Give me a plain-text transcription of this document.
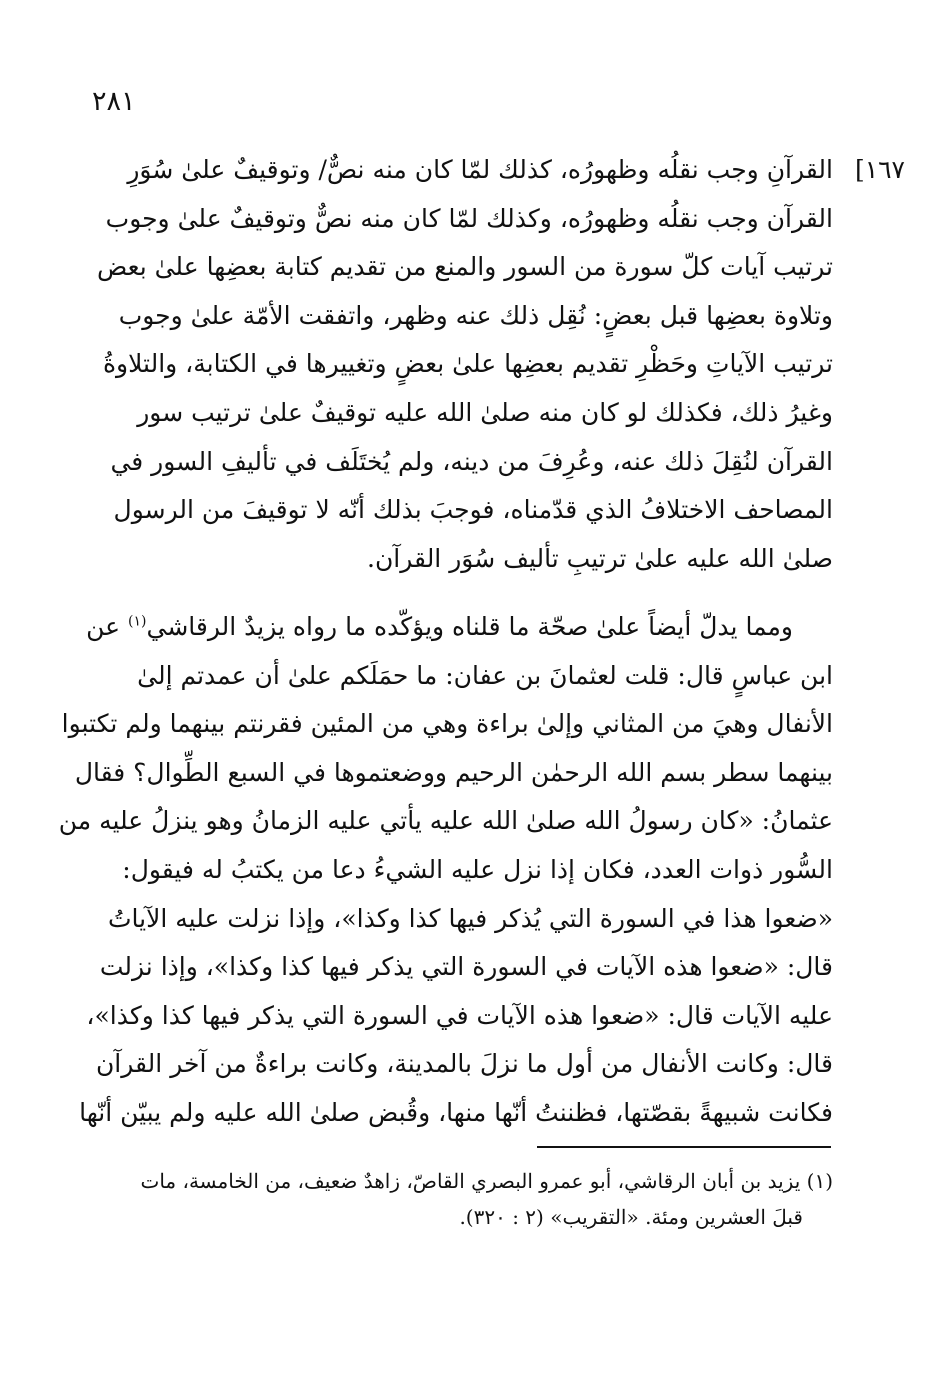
٢٨١
١٦٧]
القرآنِ وجب نقلُه وظهورُه، كذلك لمّا كان منه نصٌّ/ وتوقيفٌ علىٰ سُوَرِ
القرآن وجب نقلُه وظهورُه، وكذلك لمّا كان منه نصٌّ وتوقيفٌ علىٰ وجوب
ترتيب آيات كلّ سورة من السور والمنع من تقديم كتابة بعضِها علىٰ بعض
وتلاوة بعضِها قبل بعضٍ: نُقِل ذلك عنه وظهر، واتفقت الأمّة علىٰ وجوب
ترتيب الآياتِ وحَظْرِ تقديم بعضِها علىٰ بعضٍ وتغييرها في الكتابة، والتلاوةُ
وغيرُ ذلك، فكذلك لو كان منه صلىٰ الله عليه توقيفٌ علىٰ ترتيب سور
القرآن لنُقِلَ ذلك عنه، وعُرِفَ من دينه، ولم يُختَلَف في تأليفِ السور في
المصاحف الاختلافُ الذي قدّمناه، فوجبَ بذلك أنّه لا توقيفَ من الرسول
صلىٰ الله عليه علىٰ ترتيبِ تأليف سُوَر القرآن.
ومما يدلّ أيضاً علىٰ صحّة ما قلناه ويؤكّده ما رواه يزيدٌ الرقاشي$^{(١)}$ عن
ابن عباسٍ قال: قلت لعثمانَ بن عفان: ما حمَلَكم علىٰ أن عمدتم إلىٰ
الأنفال وهيَ من المثاني وإلىٰ براءة وهي من المئين فقرنتم بينهما ولم تكتبوا
بينهما سطر بسم الله الرحمٰن الرحيم ووضعتموها في السبع الطِّوال؟ فقال
عثمانُ: «كان رسولُ الله صلىٰ الله عليه يأتي عليه الزمانُ وهو ينزلُ عليه من
السُّور ذوات العدد، فكان إذا نزل عليه الشيءُ دعا من يكتبُ له فيقول:
«ضعوا هذا في السورة التي يُذكر فيها كذا وكذا»، وإذا نزلت عليه الآياتُ
قال: «ضعوا هذه الآيات في السورة التي يذكر فيها كذا وكذا»، وإذا نزلت
عليه الآيات قال: «ضعوا هذه الآيات في السورة التي يذكر فيها كذا وكذا»،
قال: وكانت الأنفال من أول ما نزلَ بالمدينة، وكانت براءةٌ من آخر القرآن
فكانت شبيهةً بقصّتها، فظننتُ أنّها منها، وقُبض صلىٰ الله عليه ولم يبيّن أنّها
(١) يزيد بن أبان الرقاشي، أبو عمرو البصري القاصّ، زاهدٌ ضعيف، من الخامسة، مات
قبلَ العشرين ومئة. «التقريب» (٢ : ٣٢٠).
